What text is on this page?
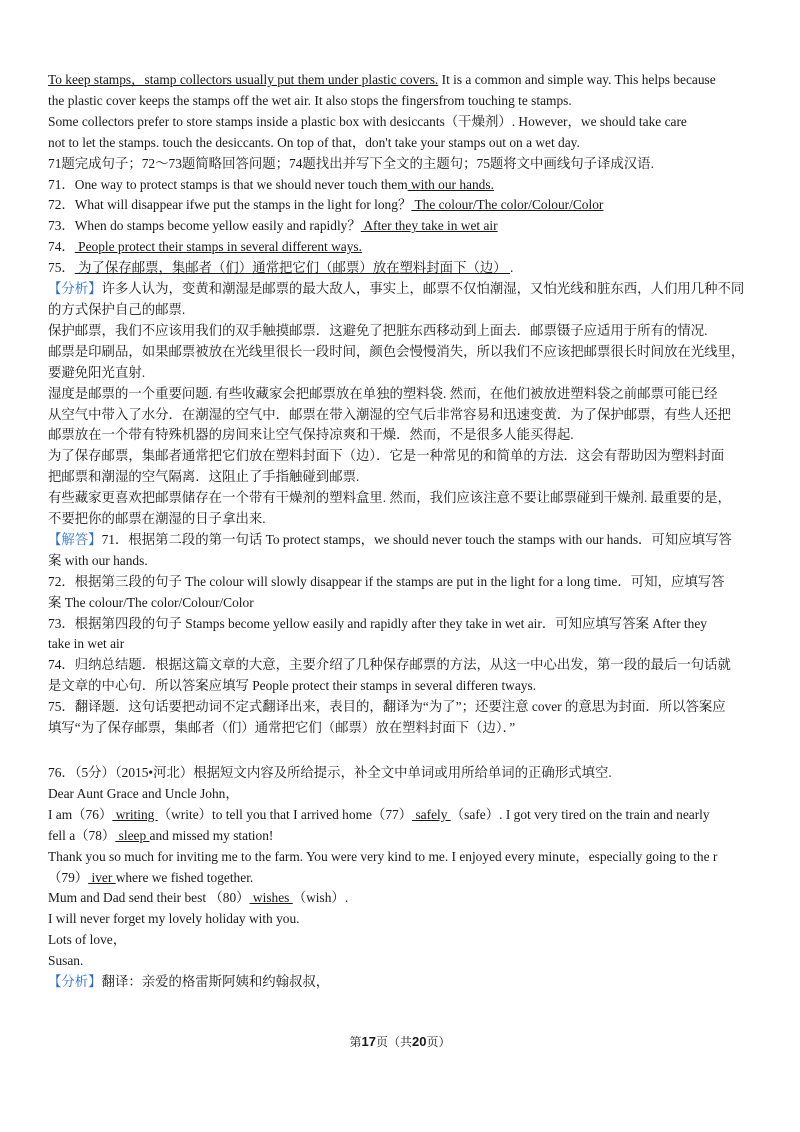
To keep stamps，stamp collectors usually put them under plastic covers. It is a common and simple way. This helps because
the plastic cover keeps the stamps off the wet air. It also stops the fingersfrom touching te stamps.
Some collectors prefer to store stamps inside a plastic box with desiccants（干燥剂）. However，we should take care
not to let the stamps. touch the desiccants. On top of that，don't take your stamps out on a wet day.
71题完成句子；72～73题简略回答问题；74题找出并写下全文的主题句；75题将文中画线句子译成汉语.
71．One way to protect stamps is that we should never touch them with our hands.
72．What will disappear ifwe put the stamps in the light for long？ The colour/The color/Colour/Color
73．When do stamps become yellow easily and rapidly？ After they take in wet air
74． People protect their stamps in several different ways.
75． 为了保存邮票，集邮者（们）通常把它们（邮票）放在塑料封面下（边） .
【分析】许多人认为，变黄和潮湿是邮票的最大敌人，事实上，邮票不仅怕潮湿，又怕光线和脏东西，人们用几种不同
的方式保护自己的邮票.
保护邮票，我们不应该用我们的双手触摸邮票．这避免了把脏东西移动到上面去．邮票镊子应适用于所有的情况.
邮票是印刷品，如果邮票被放在光线里很长一段时间，颜色会慢慢消失，所以我们不应该把邮票很长时间放在光线里，
要避免阳光直射.
湿度是邮票的一个重要问题. 有些收藏家会把邮票放在单独的塑料袋. 然而，在他们被放进塑料袋之前邮票可能已经
从空气中带入了水分．在潮湿的空气中．邮票在带入潮湿的空气后非常容易和迅速变黄．为了保护邮票，有些人还把
邮票放在一个带有特殊机器的房间来让空气保持凉爽和干燥．然而，不是很多人能买得起.
为了保存邮票，集邮者通常把它们放在塑料封面下（边）．它是一种常见的和简单的方法．这会有帮助因为塑料封面
把邮票和潮湿的空气隔离．这阻止了手指触碰到邮票.
有些藏家更喜欢把邮票储存在一个带有干燥剂的塑料盒里. 然而，我们应该注意不要让邮票碰到干燥剂. 最重要的是，
不要把你的邮票在潮湿的日子拿出来.
【解答】71．根据第二段的第一句话 To protect stamps，we should never touch the stamps with our hands．可知应填写答
案 with our hands.
72．根据第三段的句子 The colour will slowly disappear if the stamps are put in the light for a long time．可知，应填写答
案 The colour/The color/Colour/Color
73．根据第四段的句子 Stamps become yellow easily and rapidly after they take in wet air．可知应填写答案 After they
take in wet air
74．归纳总结题．根据这篇文章的大意，主要介绍了几种保存邮票的方法，从这一中心出发，第一段的最后一句话就
是文章的中心句．所以答案应填写 People protect their stamps in several differen tways.
75．翻译题．这句话要把动词不定式翻译出来，表目的，翻译为“为了”；还要注意 cover 的意思为封面．所以答案应
填写“为了保存邮票，集邮者（们）通常把它们（邮票）放在塑料封面下（边）．”
76．（5分）（2015•河北）根据短文内容及所给提示，补全文中单词或用所给单词的正确形式填空.
Dear Aunt Grace and Uncle John，
I am（76） writing （write）to tell you that I arrived home（77） safely （safe）. I got very tired on the train and nearly
fell a（78） sleep and missed my station!
Thank you so much for inviting me to the farm. You were very kind to me. I enjoyed every minute，especially going to the r
（79） iver where we fished together.
Mum and Dad send their best （80） wishes （wish）.
I will never forget my lovely holiday with you.
Lots of love，
Susan.
【分析】翻译：亲爱的格雷斯阿姨和约翰叔叔，
第17页（共20页）
